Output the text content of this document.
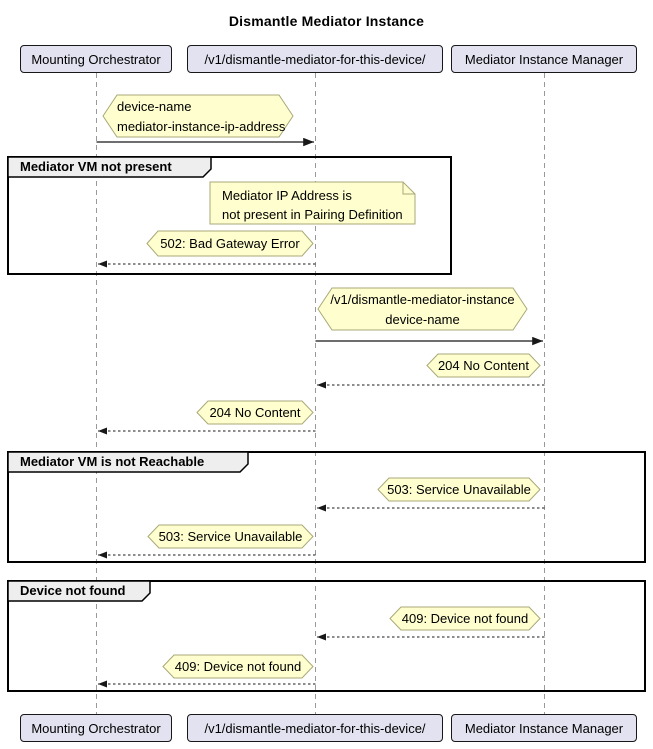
Dismantle Mediator Instance
Mounting Orchestrator	/v1/dismantle-mediator-for-this-device/	Mediator Instance Manager
Mediator VM not present
Mediator VM is not Reachable
Device not found
device-name
mediator-instance-ip-address
Mediator IP Address is
not present in Pairing Definition
502: Bad Gateway Error
/v1/dismantle-mediator-instance
device-name
204 No Content
204 No Content
503: Service Unavailable
503: Service Unavailable
409: Device not found
409: Device not found
Mounting Orchestrator	/v1/dismantle-mediator-for-this-device/	Mediator Instance Manager
